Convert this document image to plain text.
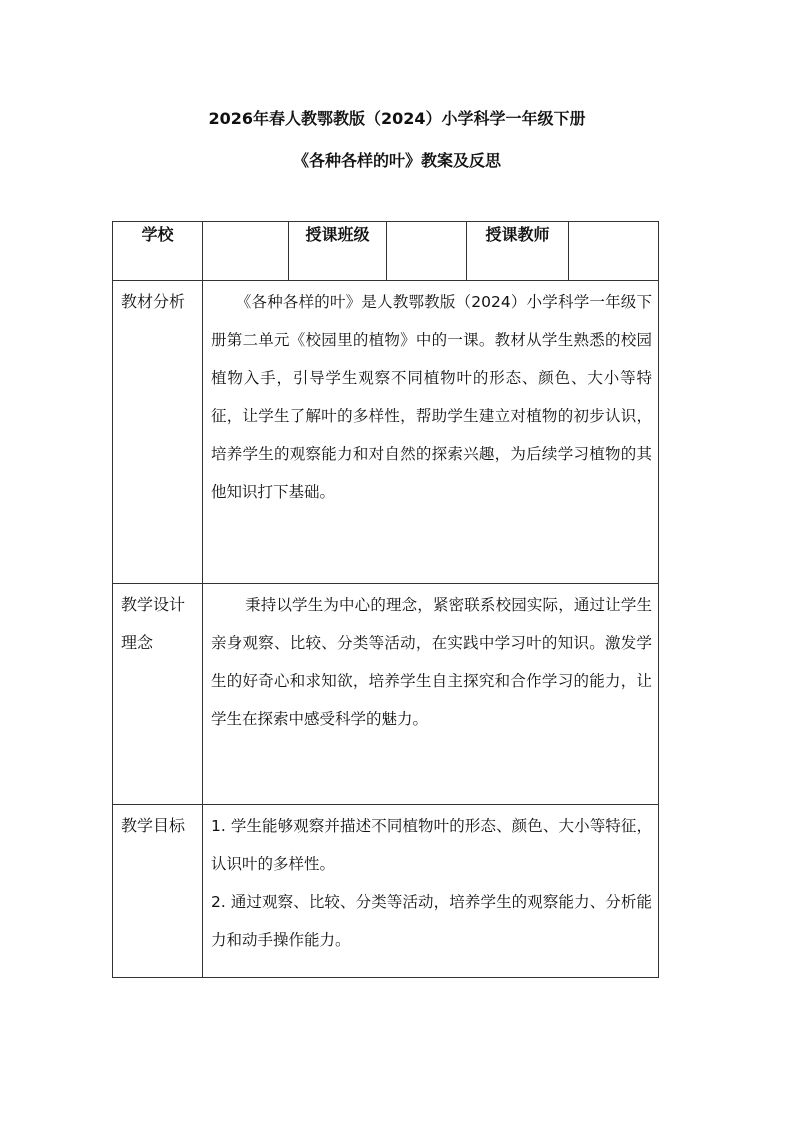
2026年春人教鄂教版（2024）小学科学一年级下册
《各种各样的叶》教案及反思
学校		授课班级		授课教师	
教材分析	《各种各样的叶》是人教鄂教版（2024）小学科学一年级下册第二单元《校园里的植物》中的一课。教材从学生熟悉的校园植物入手，引导学生观察不同植物叶的形态、颜色、大小等特征，让学生了解叶的多样性，帮助学生建立对植物的初步认识，培养学生的观察能力和对自然的探索兴趣，为后续学习植物的其他知识打下基础。				

教学设计理念	秉持以学生为中心的理念，紧密联系校园实际，通过让学生亲身观察、比较、分类等活动，在实践中学习叶的知识。激发学生的好奇心和求知欲，培养学生自主探究和合作学习的能力，让学生在探索中感受科学的魅力。				

教学目标	1. 学生能够观察并描述不同植物叶的形态、颜色、大小等特征，认识叶的多样性。

2. 通过观察、比较、分类等活动，培养学生的观察能力、分析能力和动手操作能力。				
